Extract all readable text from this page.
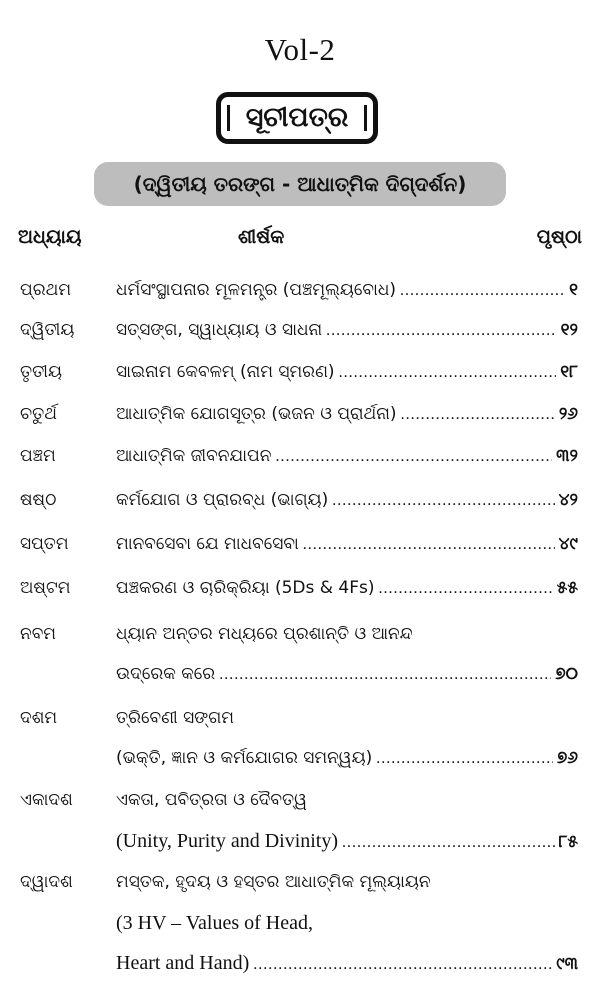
Vol-2
ସୂଚୀପତ୍ର
(ଦ୍ୱିତୀୟ ତରଙ୍ଗ - ଆଧାତ୍ମିକ ଦିଗ୍‌ଦର୍ଶନ)
ଅଧ୍ୟାୟ	ଶୀର୍ଷକ	ପୃଷ୍ଠା
ପ୍ରଥମ	ଧର୍ମସଂସ୍ଥାପନାର ମୂଳମନ୍ତ୍ର (ପଞ୍ଚମୂଲ୍ୟବୋଧ) .....	୧
ଦ୍ୱିତୀୟ ସତ୍‌ସଙ୍ଗ, ସ୍ୱାଧ୍ୟାୟ ଓ ସାଧନା .....	୧୨
ତୃତୀୟ	ସାଇନାମ କେବଳମ୍ (ନାମ ସ୍ମରଣ) .....	୧୮
ଚତୁର୍ଥ	ଆଧାତ୍ମିକ ଯୋଗସୂତ୍ର (ଭଜନ ଓ ପ୍ରାର୍ଥନା) .....	୨୬
ପଞ୍ଚମ	ଆଧାତ୍ମିକ ଜୀବନଯାପନ .....	୩୨
ଷଷ୍ଠ	କର୍ମଯୋଗ ଓ ପ୍ରାରବ୍ଧ (ଭାଗ୍ୟ) .....	୪୨
ସପ୍ତମ	ମାନବସେବା ଯେ ମାଧବସେବା .....	୪୯
ଅଷ୍ଟମ	ପଞ୍ଚକରଣ ଓ ଚାରିକ୍ରିୟା (5Ds & 4Fs) .....	୫୫
ନବମ	ଧ୍ୟାନ ଅନ୍ତର ମଧ୍ୟରେ ପ୍ରଶାନ୍ତି ଓ ଆନନ୍ଦ
ଉଦ୍ରେକ କରେ .....	୭୦
ଦଶମ	ତ୍ରିବେଣୀ ସଙ୍ଗମ
(ଭକ୍ତି, ଜ୍ଞାନ ଓ କର୍ମଯୋଗର ସମନ୍ୱୟ) .....	୭୬
ଏକାଦଶ	ଏକତା, ପବିତ୍ରତା ଓ ଦୈବତ୍ୱ
(Unity, Purity and Divinity) .....	୮୫
ଦ୍ୱାଦଶ	ମସ୍ତକ, ହୃଦୟ ଓ ହସ୍ତର ଆଧାତ୍ମିକ ମୂଲ୍ୟାୟନ
(3 HV – Values of Head,
Heart and Hand) .....	୯୩
